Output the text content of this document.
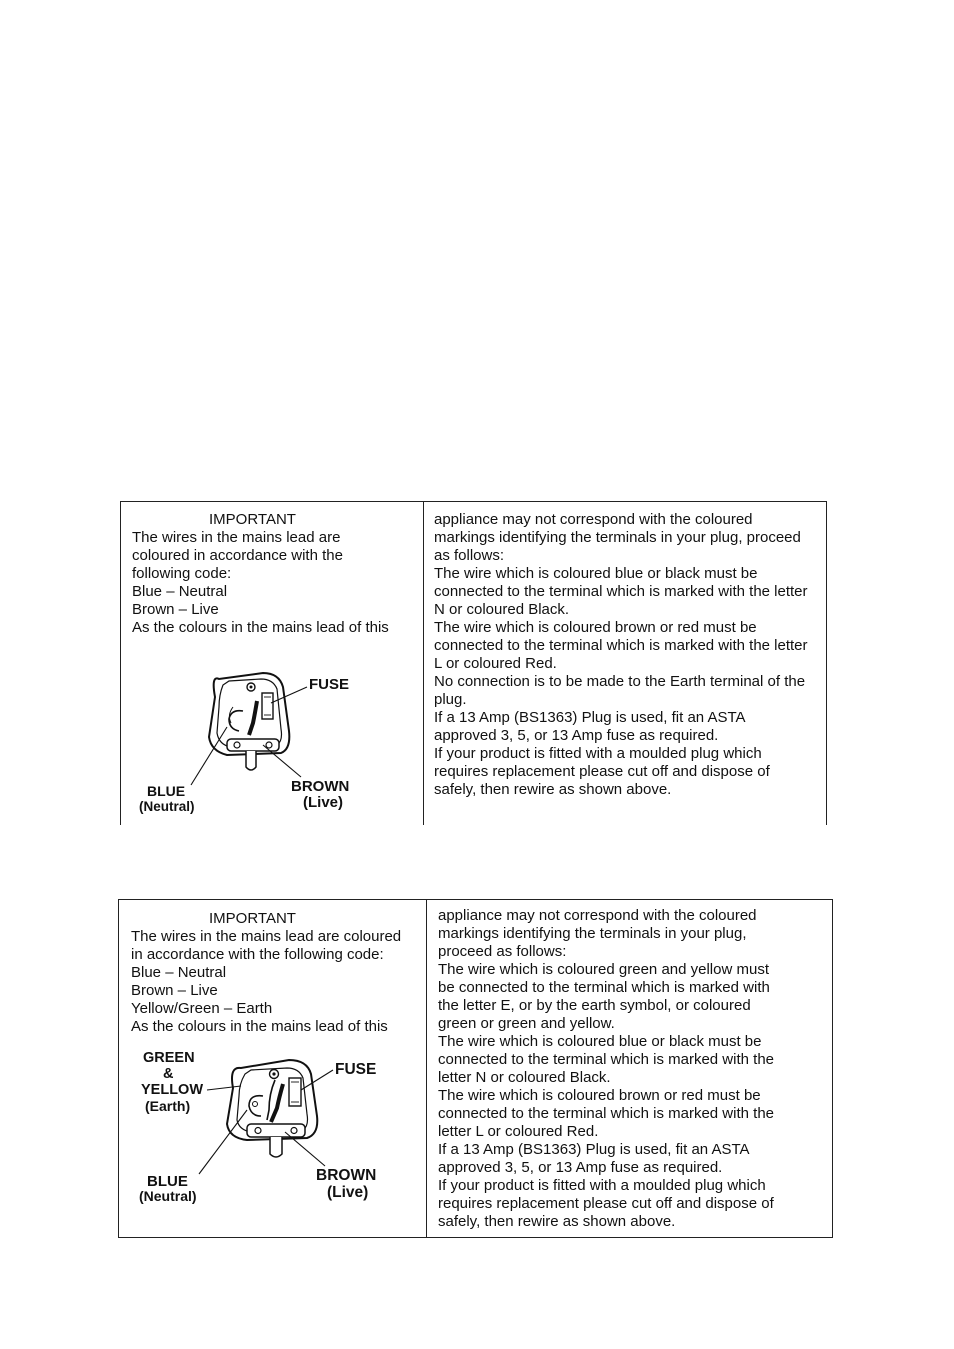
IMPORTANT
The wires in the mains lead are
coloured in accordance with the
following code:
Blue – Neutral
Brown – Live
As the colours in the mains lead of this
appliance may not correspond with the coloured
markings identifying the terminals in your plug, proceed
as follows:
The wire which is coloured blue or black must be
connected to the terminal which is marked with the letter
N or coloured Black.
The wire which is coloured brown or red must be
connected to the terminal which is marked with the letter
L or coloured Red.
No connection is to be made to the Earth terminal of the
plug.
If a 13 Amp (BS1363) Plug is used, fit an ASTA
approved 3, 5, or 13 Amp fuse as required.
If your product is fitted with a moulded plug which
requires replacement please cut off and dispose of
safely, then rewire as shown above.
FUSE
BLUE
(Neutral)
BROWN
(Live)
IMPORTANT
The wires in the mains lead are coloured
in accordance with the following code:
Blue – Neutral
Brown – Live
Yellow/Green – Earth
As the colours in the mains lead of this
appliance may not correspond with the coloured
markings identifying the terminals in your plug,
proceed as follows:
The wire which is coloured green and yellow must
be connected to the terminal which is marked with
the letter E, or by the earth symbol, or coloured
green or green and yellow.
The wire which is coloured blue or black must be
connected to the terminal which is marked with the
letter N or coloured Black.
The wire which is coloured brown or red must be
connected to the terminal which is marked with the
letter L or coloured Red.
If a 13 Amp (BS1363) Plug is used, fit an ASTA
approved 3, 5, or 13 Amp fuse as required.
If your product is fitted with a moulded plug which
requires replacement please cut off and dispose of
safely, then rewire as shown above.
GREEN
&
YELLOW
(Earth)
FUSE
BLUE
(Neutral)
BROWN
(Live)
